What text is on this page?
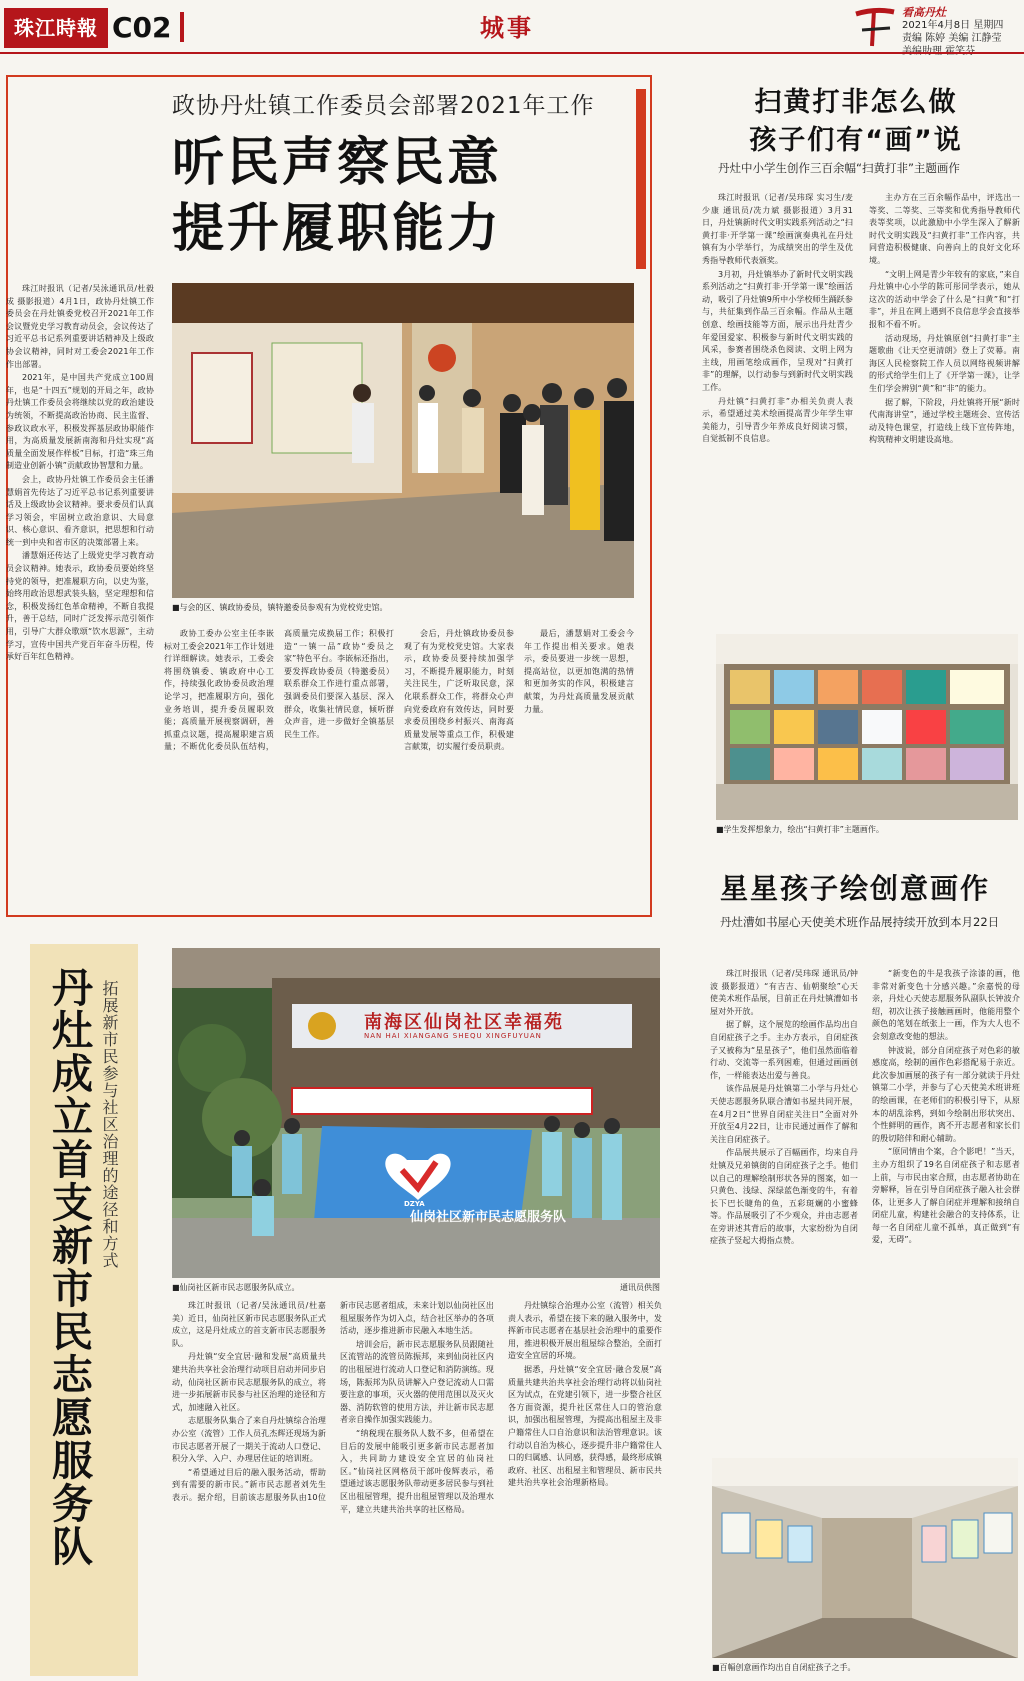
珠江時報 C02	城事
看高丹灶
2021年4月8日 星期四
责编 陈婷 美编 江静莹
政协丹灶镇工作委员会部署2021年工作
听民声察民意
提升履职能力
■与会的区、镇政协委员，镇特邀委员参观有为党校党史馆。

珠江时报讯（记者/吴泳通讯员/杜毅成 摄影报道）4月1日，政协丹灶镇工作委员会在丹灶镇委党校召开2021年工作会议暨党史学习教育动员会，会议传达了习近平总书记系列重要讲话精神及上级政协会议精神，同时对工委会2021年工作作出部署。

2021年，是中国共产党成立100周年，也是“十四五”规划的开局之年，政协丹灶镇工作委员会将继续以党的政治建设为统领，不断提高政治协商、民主监督、参政议政水平，积极发挥基层政协职能作用，为高质量发展新南海和丹灶实现“高质量全面发展作样板”目标，打造“珠三角制造业创新小镇”贡献政协智慧和力量。

会上，政协丹灶镇工作委员会主任潘慧娟首先传达了习近平总书记系列重要讲话及上级政协会议精神。要求委员们认真学习领会，牢固树立政治意识、大局意识、核心意识、看齐意识，把思想和行动统一到中央和省市区的决策部署上来。

潘慧娟还传达了上级党史学习教育动员会议精神。她表示，政协委员要始终坚持党的领导，把准履职方向，以史为鉴，始终用政治思想武装头脑，坚定理想和信念，积极发扬红色革命精神，不断自我提升，善于总结，同时广泛发挥示范引领作用，引导广大群众歌颂“饮水思源”，主动学习，宣传中国共产党百年奋斗历程，传承好百年红色精神。

政协工委办公室主任李嵌标对工委会2021年工作计划进行详细解读。她表示，工委会将围绕镇委、镇政府中心工作，持续强化政协委员政治理论学习，把准履职方向，强化业务培训，提升委员履职效能；高质量开展视察调研，善抓重点议题，提高履职建言质量；不断优化委员队伍结构，高质量完成换届工作；积极打造“一镇一品”政协“委员之家”特色平台。李嵌标还指出，要发挥政协委员（特邀委员）联系群众工作进行重点部署，强调委员们要深入基层、深入群众，收集社情民意，倾听群众声音，进一步做好全镇基层民生工作。

会后，丹灶镇政协委员参观了有为党校党史馆。大家表示，政协委员要持续加强学习，不断提升履职能力，时刻关注民生，广泛听取民意，深化联系群众工作，将群众心声向党委政府有效传达，同时要求委员围绕乡村振兴、南海高质量发展等重点工作，积极建言献策，切实履行委员职责。

最后，潘慧娟对工委会今年工作提出相关要求。她表示，委员要进一步统一思想，提高站位，以更加饱满的热情和更加务实的作风，积极建言献策，为丹灶高质量发展贡献力量。

扫黄打非怎么做
孩子们有“画”说
丹灶中小学生创作三百余幅“扫黄打非”主题画作

珠江时报讯（记者/吴玮琛 实习生/麦少康 通讯员/冼力斌 摄影报道）3月31日，丹灶镇新时代文明实践系列活动之“扫黄打非·开学第一课”绘画演奏典礼在丹灶镇有为小学举行，为成绩突出的学生及优秀指导教师代表颁奖。

3月初，丹灶镇举办了新时代文明实践系列活动之“扫黄打非·开学第一课”绘画活动，吸引了丹灶镇9所中小学校师生踊跃参与，共征集到作品三百余幅。作品从主题创意、绘画技能等方面，展示出丹灶青少年爱国爱家、积极参与新时代文明实践的风采，参赛者围绕杀色阅读、文明上网为主线，用画笔绘成画作，呈现对“扫黄打非”的理解，以行动参与到新时代文明实践工作。

丹灶镇“扫黄打非”办相关负责人表示，希望通过美术绘画提高青少年学生审美能力，引导青少年养成良好阅读习惯，自觉抵制不良信息。

主办方在三百余幅作品中，评选出一等奖、二等奖、三等奖和优秀指导教师代表等奖项，以此激励中小学生深入了解新时代文明实践及“扫黄打非”工作内容，共同营造积极健康、向善向上的良好文化环境。

“文明上网是青少年较有的家底，”来自丹灶镇中心小学的陈可彤同学表示，她从这次的活动中学会了什么是“扫黄”和“打非”，并且在网上遇到不良信息学会直接举报和不看不听。

活动现场，丹灶镇原创“扫黄打非”主题歌曲《让天空更清朗》登上了荧幕。南海区人民检察院工作人员以网络视频讲解的形式给学生们上了《开学第一课》，让学生们学会辨别“黄”和“非”的能力。

据了解，下阶段，丹灶镇将开展“新时代南海讲堂”，通过学校主题班会、宣传活动及特色课堂，打造线上线下宣传阵地，构筑精神文明建设高地。

■学生发挥想象力，绘出“扫黄打非”主题画作。
星星孩子绘创意画作
丹灶漕如书屋心天使美术班作品展持续开放到本月22日

珠江时报讯（记者/吴玮琛 通讯员/钟波 摄影报道）“有吉吉、仙朝聚绘”心天使美术班作品展，目前正在丹灶镇漕如书屋对外开放。

据了解，这个展览的绘画作品均出自自闭症孩子之手。主办方表示，自闭症孩子又被称为“星星孩子”，他们虽然面临着行动、交流等一系列困难，但通过画画创作，一样能表达出爱与善良。

该作品展是丹灶镇第二小学与丹灶心天使志愿服务队联合漕如书屋共同开展，在4月2日“世界自闭症关注日”全面对外开放至4月22日，让市民通过画作了解和关注自闭症孩子。

作品展共展示了百幅画作，均来自丹灶镇及兄弟镇街的自闭症孩子之手。他们以自己的理解绘制形状各异的图案，如一只黄色、浅绿、深绿蓝色渐变的牛，有着长下巴长睫角的鱼，五彩斑斓的小蜜蜂等。作品展吸引了不少观众，并由志愿者在旁讲述其背后的故事，大家纷纷为自闭症孩子竖起大拇指点赞。

“新变色的牛是我孩子涂漆的画，他非常对新变色十分感兴趣。”余嘉悦的母亲，丹灶心天使志愿服务队副队长钟波介绍，初次让孩子接触画画时，他能用整个颜色的笔划在纸张上一画，作为大人也不会刻意改变他的想法。

钟波说，部分自闭症孩子对色彩的敏感度高，绘制的画作色彩搭配易于亲近。此次参加画展的孩子有一部分就读于丹灶镇第二小学，并参与了心天使美术班讲班的绘画课，在老师们的积极引导下，从原本的胡乱涂鸦，到如今绘制出形状突出、个性鲜明的画作，离不开志愿者和家长们的殷切陪伴和耐心辅助。

“原同情由个案，合个影吧！”当天，主办方组织了19名自闭症孩子和志愿者上前，与市民由家合照，由志愿者协助在旁解释，旨在引导自闭症孩子融入社会群体，让更多人了解自闭症并理解和接纳自闭症儿童，构建社会融合的支持体系，让每一名自闭症儿童不孤单，真正做到“有爱，无碍”。

■百幅创意画作均出自自闭症孩子之手。
丹灶成立首支新市民志愿服务队 拓展新市民参与社区治理的途径和方式	南海区仙岗社区幸福苑
NAN HAI XIANGANG SHEQU XINGFUYUAN
仙岗社区新市民志愿服务队
DZYA
■仙岗社区新市民志愿服务队成立。	通讯员供图

珠江时报讯（记者/吴泳通讯员/杜嘉美）近日，仙岗社区新市民志愿服务队正式成立，这是丹灶成立的首支新市民志愿服务队。

丹灶镇“安全宜居·融和发展”高质量共建共治共享社会治理行动项目启动并同步启动，仙岗社区新市民志愿服务队的成立，将进一步拓展新市民参与社区治理的途径和方式，加速融入社区。

志愿服务队集合了来自丹灶镇综合治理办公室（流管）工作人员孔杰辉还现场为新市民志愿者开展了一期关于流动人口登记、积分入学、入户、办理居住证的培训班。

“希望通过目后的融入服务活动，帮助到有需要的新市民。”新市民志愿者刘先生表示。据介绍，目前该志愿服务队由10位新市民志愿者组成，未来计划以仙岗社区出租屋服务作为切入点，结合社区举办的各项活动，逐步推进新市民融入本地生活。

培训会后，新市民志愿服务队员跟随社区流管站的流管员陈振邦，来到仙岗社区内的出租屋进行流动人口登记和消防演练。现场，陈振邦为队员讲解入户登记流动人口需要注意的事项，灭火器的使用范围以及灭火器、消防软管的使用方法，并让新市民志愿者亲自操作加强实践能力。

“纳税现在服务队人数不多，但希望在目后的发展中能吸引更多新市民志愿者加入，共同助力建设安全宜居的仙岗社区。”仙岗社区网格员干部叶俊辉表示，希望通过该志愿服务队带动更多居民参与到社区出租屋管理，提升出租屋管理以及治理水平，建立共建共治共享的社区格局。

丹灶镇综合治理办公室（流管）相关负责人表示，希望在接下来的融入服务中，发挥新市民志愿者在基层社会治理中的重要作用，推进积极开展出租屋综合整治，全面打造安全宜居的环境。

据悉，丹灶镇“安全宜居·融合发展”高质量共建共治共享社会治理行动将以仙岗社区为试点，在党建引领下，进一步整合社区各方面资源，提升社区常住人口的管治意识，加强出租屋管理，为提高出租屋主及非户籍常住人口自治意识和法治管理意识。该行动以自治为核心，逐步提升非户籍常住人口的归属感、认同感，获得感，最终形成镇政府、社区、出租屋主和管理员、新市民共建共治共享社会治理新格局。
